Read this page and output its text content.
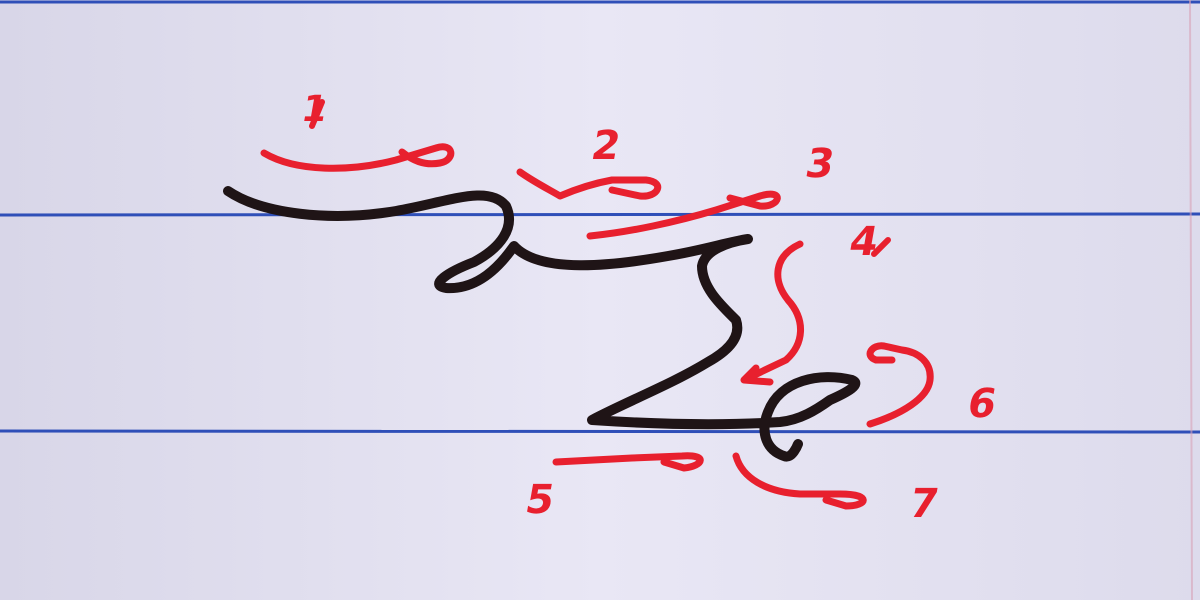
1
2	3
4
5
6
7
